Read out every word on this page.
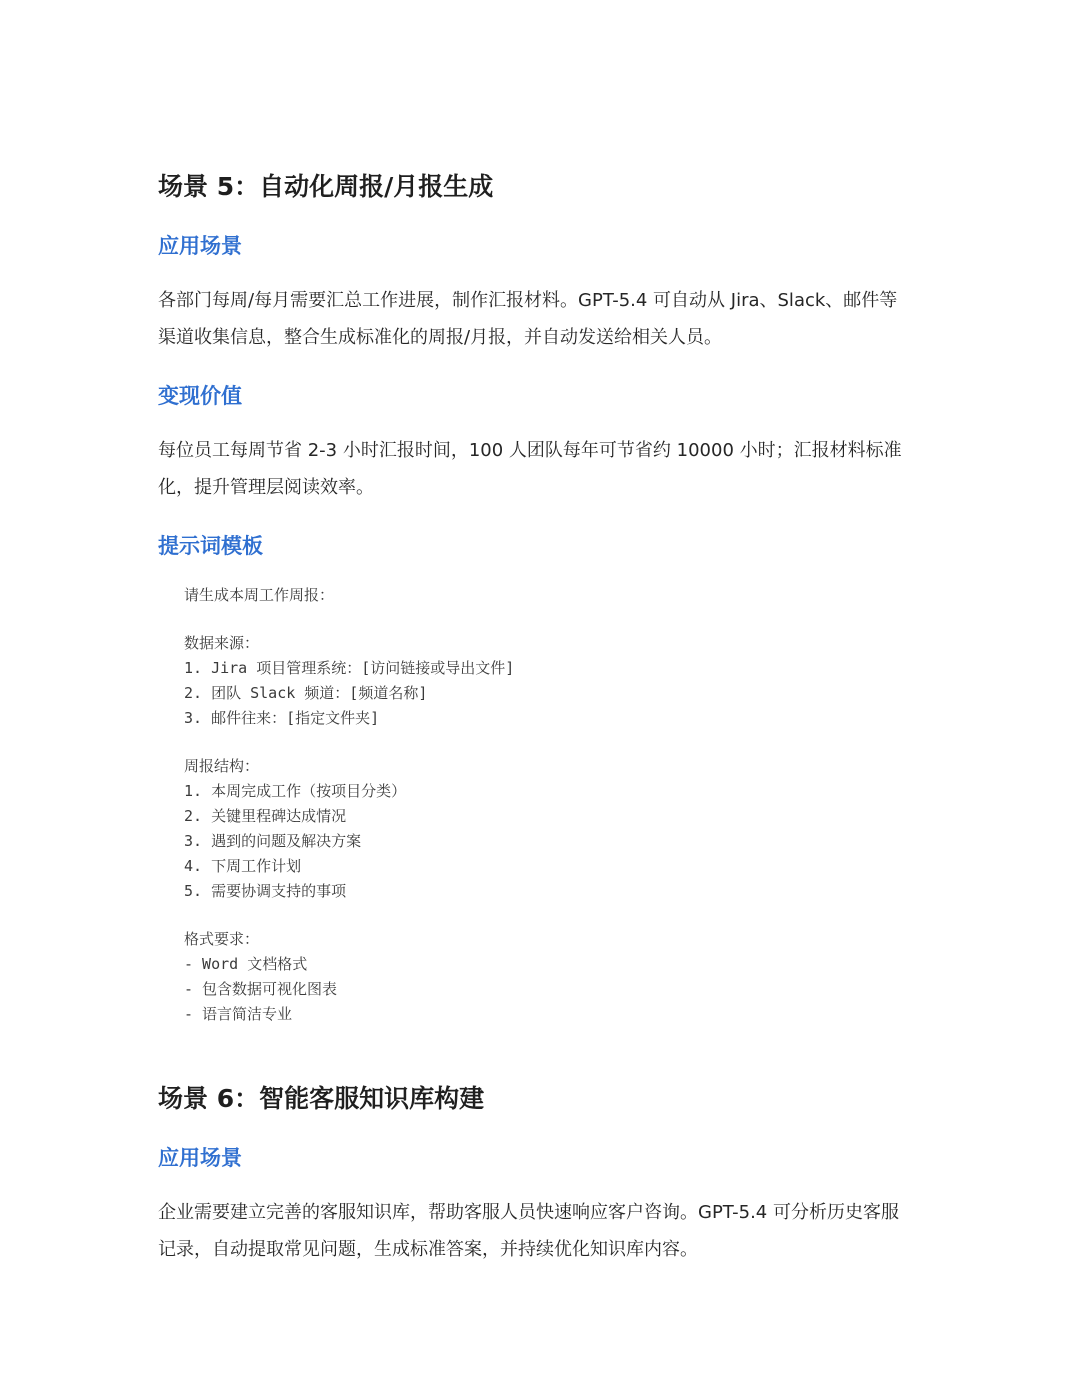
场景 5：自动化周报/月报生成
应用场景
各部门每周/每月需要汇总工作进展，制作汇报材料。GPT-5.4 可自动从 Jira、Slack、邮件等
渠道收集信息，整合生成标准化的周报/月报，并自动发送给相关人员。
变现价值
每位员工每周节省 2-3 小时汇报时间，100 人团队每年可节省约 10000 小时；汇报材料标准
化，提升管理层阅读效率。
提示词模板
请生成本周工作周报：
数据来源：
1. Jira 项目管理系统：[访问链接或导出文件]
2. 团队 Slack 频道：[频道名称]
3. 邮件往来：[指定文件夹]
周报结构：
1. 本周完成工作（按项目分类）
2. 关键里程碑达成情况
3. 遇到的问题及解决方案
4. 下周工作计划
5. 需要协调支持的事项
格式要求：
- Word 文档格式
- 包含数据可视化图表
- 语言简洁专业
场景 6：智能客服知识库构建
应用场景
企业需要建立完善的客服知识库，帮助客服人员快速响应客户咨询。GPT-5.4 可分析历史客服
记录，自动提取常见问题，生成标准答案，并持续优化知识库内容。
